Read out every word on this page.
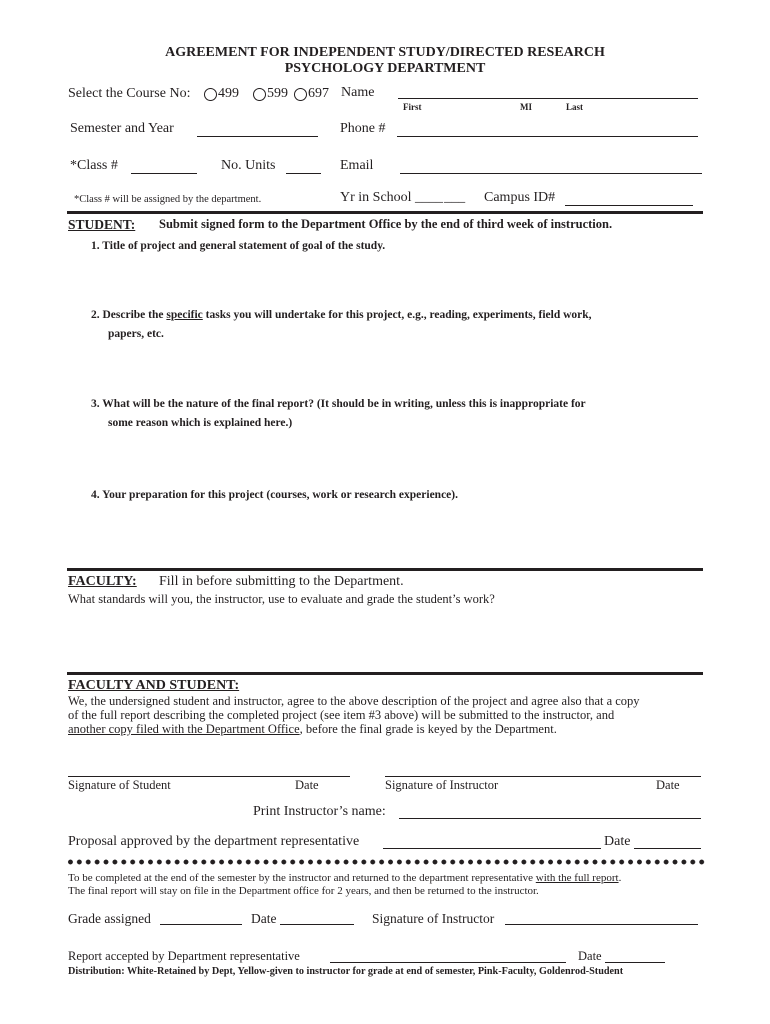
AGREEMENT FOR INDEPENDENT STUDY/DIRECTED RESEARCH
PSYCHOLOGY DEPARTMENT
Select the Course No: 499 599 697 Name
First	MI	Last
Semester and Year	Phone #
*Class #	No. Units	Email
*Class # will be assigned by the department.	Yr in School _______ Campus ID#
STUDENT: Submit signed form to the Department Office by the end of third week of instruction.
1. Title of project and general statement of goal of the study.
2. Describe the specific tasks you will undertake for this project, e.g., reading, experiments, field work,
papers, etc.
3. What will be the nature of the final report? (It should be in writing, unless this is inappropriate for
some reason which is explained here.)
4. Your preparation for this project (courses, work or research experience).
FACULTY: Fill in before submitting to the Department.
What standards will you, the instructor, use to evaluate and grade the student’s work?
FACULTY AND STUDENT:
We, the undersigned student and instructor, agree to the above description of the project and agree also that a copy
of the full report describing the completed project (see item #3 above) will be submitted to the instructor, and
another copy filed with the Department Office, before the final grade is keyed by the Department.
Signature of Student	Date	Signature of Instructor	Date
Print Instructor’s name:
Proposal approved by the department representative	Date
To be completed at the end of the semester by the instructor and returned to the department representative with the full report.
The final report will stay on file in the Department office for 2 years, and then be returned to the instructor.
Grade assigned	Date	Signature of Instructor
Report accepted by Department representative	Date
Distribution: White-Retained by Dept, Yellow-given to instructor for grade at end of semester, Pink-Faculty, Goldenrod-Student
